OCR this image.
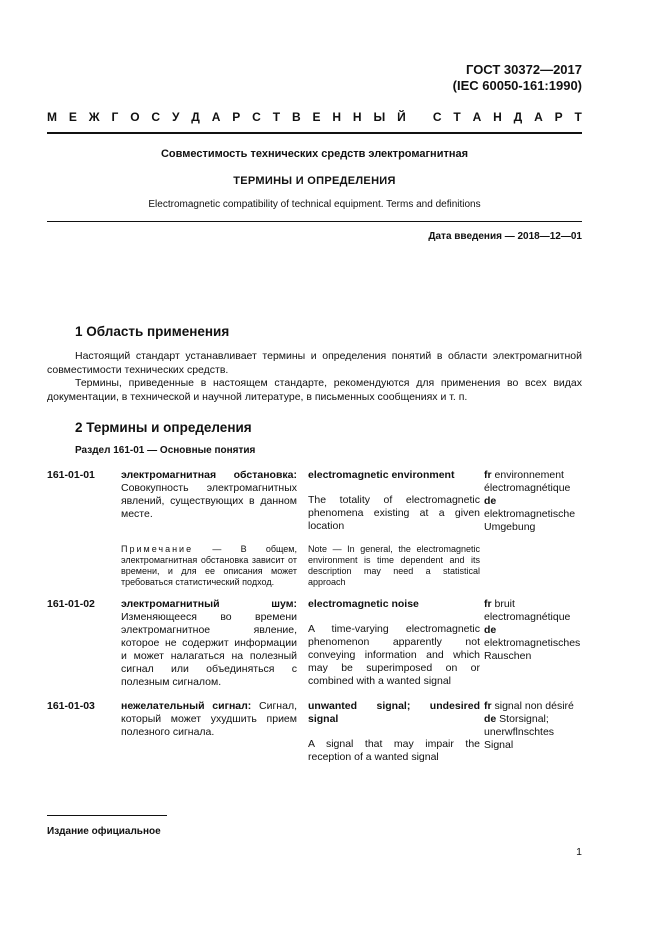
ГОСТ 30372—2017
(IEC 60050-161:1990)
М Е Ж Г О С У Д А Р С Т В Е Н Н Ы Й
С Т А Н Д А Р Т
Совместимость технических средств электромагнитная
ТЕРМИНЫ И ОПРЕДЕЛЕНИЯ
Electromagnetic compatibility of technical equipment. Terms and definitions
Дата введения — 2018—12—01
1 Область применения
Настоящий стандарт устанавливает термины и определения понятий в области электромагнитной совместимости технических средств.
Термины, приведенные в настоящем стандарте, рекомендуются для применения во всех видах документации, в технической и научной литературе, в письменных сообщениях и т. п.
2 Термины и определения
Раздел 161-01 — Основные понятия
161-01-01 электромагнитная обстановка: Совокупность электромагнитных явлений, существующих в данном месте.
Примечание — В общем, электромагнитная обстановка зависит от времени, и для ее описания может требоваться статистический подход.
electromagnetic environment
The totality of electromagnetic phenomena existing at a given location
Note — In general, the electromagnetic environment is time dependent and its description may need a statistical approach
fr environnement électromagnétique
de elektromagnetische Umgebung
161-01-02 электромагнитный шум: Изменяющееся во времени электромагнитное явление, которое не содержит информации и может налагаться на полезный сигнал или объединяться с полезным сигналом.
electromagnetic noise
A time-varying electromagnetic phenomenon apparently not conveying information and which may be superimposed on or combined with a wanted signal
fr bruit electromagnétique
de elektromagnetisches Rauschen
161-01-03 нежелательный сигнал: Сигнал, который может ухудшить прием полезного сигнала.
unwanted signal; undesired signal
A signal that may impair the reception of a wanted signal
fr signal non désiré
de Storsignal; unerwflnschtes Signal
Издание официальное
1
